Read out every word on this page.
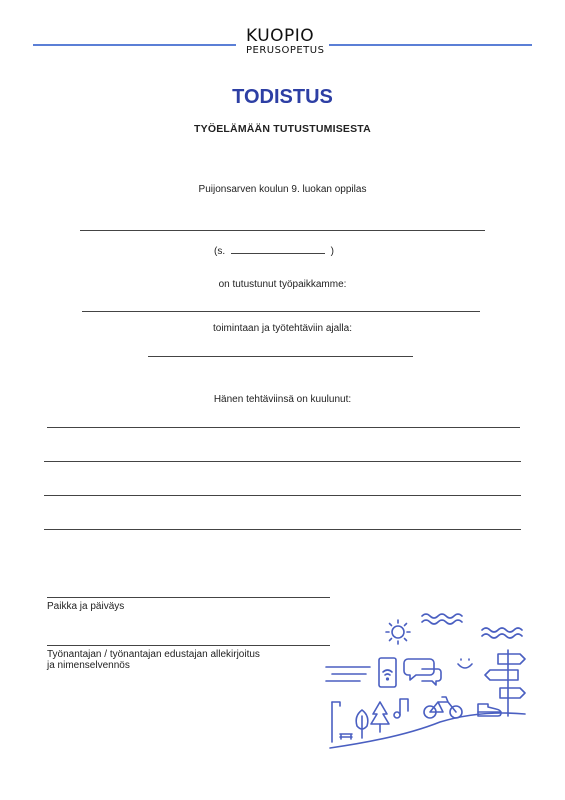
KUOPIO
PERUSOPETUS
TODISTUS
TYÖELÄMÄÄN TUTUSTUMISESTA
Puijonsarven koulun 9. luokan oppilas
(s.	)
on tutustunut työpaikkamme:
toimintaan ja työtehtäviin ajalla:
Hänen tehtäviinsä on kuulunut:
Paikka ja päiväys
Työnantajan / työnantajan edustajan allekirjoitus
ja nimenselvennös
